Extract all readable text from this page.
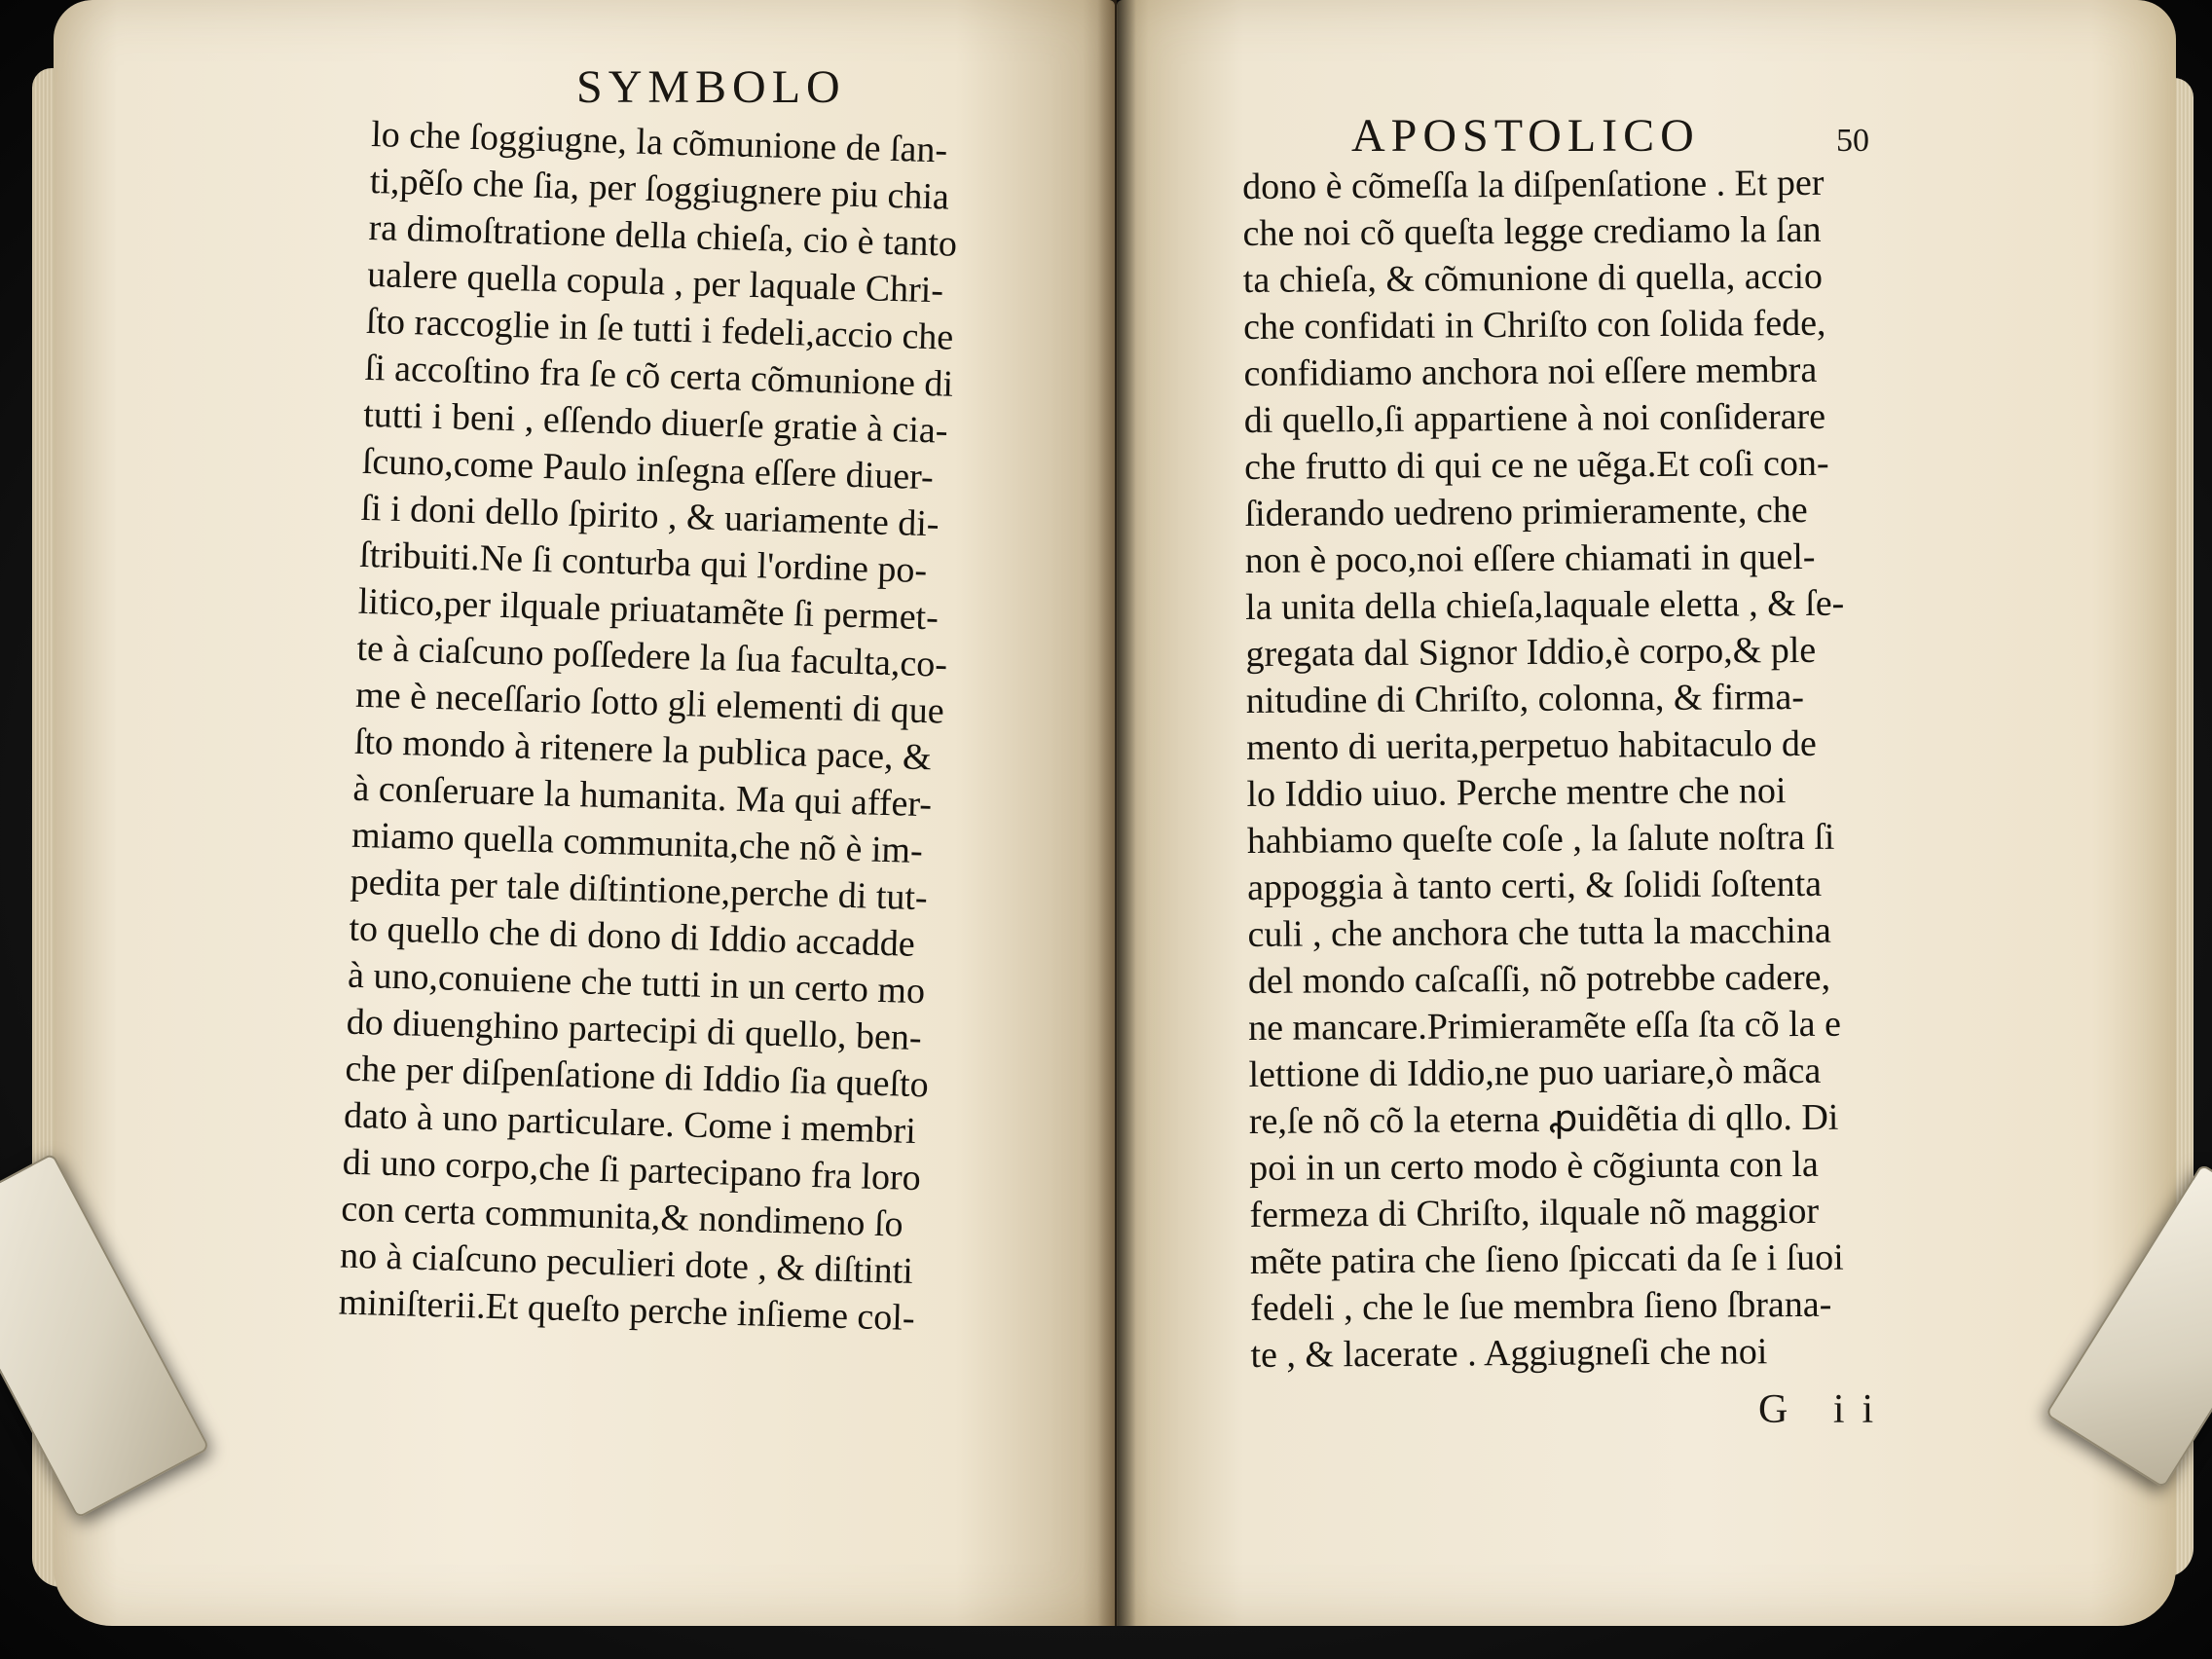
SYMBOLO
lo che ſoggiugne, la cõmunione de ſan-
ti,pẽſo che ſia, per ſoggiugnere piu chia
ra dimoſtratione della chieſa, cio è tanto
ualere quella copula , per laquale Chri-
ſto raccoglie in ſe tutti i fedeli,accio che
ſi accoſtino fra ſe cõ certa cõmunione di
tutti i beni , eſſendo diuerſe gratie à cia-
ſcuno,come Paulo inſegna eſſere diuer-
ſi i doni dello ſpirito , & uariamente di-
ſtribuiti.Ne ſi conturba qui l'ordine po-
litico,per ilquale priuatamẽte ſi permet-
te à ciaſcuno poſſedere la ſua faculta,co-
me è neceſſario ſotto gli elementi di que
ſto mondo à ritenere la publica pace, &
à conſeruare la humanita. Ma qui affer-
miamo quella communita,che nõ è im-
pedita per tale diſtintione,perche di tut-
to quello che di dono di Iddio accadde
à uno,conuiene che tutti in un certo mo
do diuenghino partecipi di quello, ben-
che per diſpenſatione di Iddio ſia queſto
dato à uno particulare. Come i membri
di uno corpo,che ſi partecipano fra loro
con certa communita,& nondimeno ſo
no à ciaſcuno peculieri dote , & diſtinti
miniſterii.Et queſto perche inſieme col-
APOSTOLICO	50
dono è cõmeſſa la diſpenſatione . Et per
che noi cõ queſta legge crediamo la ſan
ta chieſa, & cõmunione di quella, accio
che confidati in Chriſto con ſolida fede,
confidiamo anchora noi eſſere membra
di quello,ſi appartiene à noi conſiderare
che frutto di qui ce ne uẽga.Et coſi con-
ſiderando uedreno primieramente, che
non è poco,noi eſſere chiamati in quel-
la unita della chieſa,laquale eletta , & ſe-
gregata dal Signor Iddio,è corpo,& ple
nitudine di Chriſto, colonna, & firma-
mento di uerita,perpetuo habitaculo de
lo Iddio uiuo. Perche mentre che noi
hahbiamo queſte coſe , la ſalute noſtra ſi
appoggia à tanto certi, & ſolidi ſoſtenta
culi , che anchora che tutta la macchina
del mondo caſcaſſi, nõ potrebbe cadere,
ne mancare.Primieramẽte eſſa ſta cõ la e
lettione di Iddio,ne puo uariare,ò mãca
re,ſe nõ cõ la eterna ꝓuidẽtia di qllo. Di
poi in un certo modo è cõgiunta con la
fermeza di Chriſto, ilquale nõ maggior
mẽte patira che ſieno ſpiccati da ſe i ſuoi
fedeli , che le ſue membra ſieno ſbrana-
te , & lacerate . Aggiugneſi che noi
G ii
